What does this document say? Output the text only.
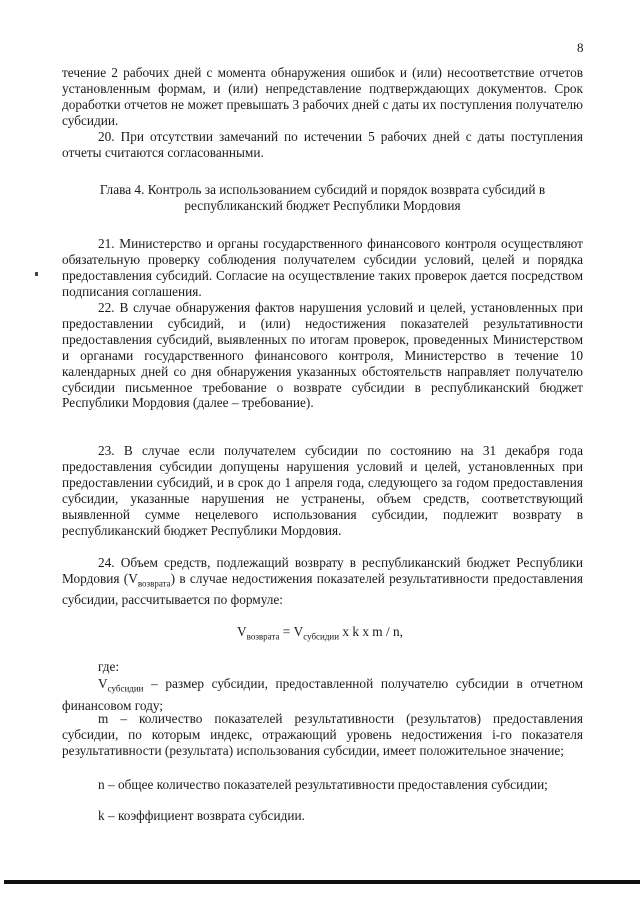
8
течение 2 рабочих дней с момента обнаружения ошибок и (или) несоответствие отчетов установленным формам, и (или) непредставление подтверждающих документов. Срок доработки отчетов не может превышать 3 рабочих дней с даты их поступления получателю субсидии.
20. При отсутствии замечаний по истечении 5 рабочих дней с даты поступления отчеты считаются согласованными.
Глава 4. Контроль за использованием субсидий и порядок возврата субсидий в республиканский бюджет Республики Мордовия
21. Министерство и органы государственного финансового контроля осуществляют обязательную проверку соблюдения получателем субсидии условий, целей и порядка предоставления субсидий. Согласие на осуществление таких проверок дается посредством подписания соглашения.
22. В случае обнаружения фактов нарушения условий и целей, установленных при предоставлении субсидий, и (или) недостижения показателей результативности предоставления субсидий, выявленных по итогам проверок, проведенных Министерством и органами государственного финансового контроля, Министерство в течение 10 календарных дней со дня обнаружения указанных обстоятельств направляет получателю субсидии письменное требование о возврате субсидии в республиканский бюджет Республики Мордовия (далее – требование).
23. В случае если получателем субсидии по состоянию на 31 декабря года предоставления субсидии допущены нарушения условий и целей, установленных при предоставлении субсидий, и в срок до 1 апреля года, следующего за годом предоставления субсидии, указанные нарушения не устранены, объем средств, соответствующий выявленной сумме нецелевого использования субсидии, подлежит возврату в республиканский бюджет Республики Мордовия.
24. Объем средств, подлежащий возврату в республиканский бюджет Республики Мордовия $(V_{возврата})$ в случае недостижения показателей результативности предоставления субсидии, рассчитывается по формуле:
$V_{возврата} = V_{субсидии}$ x k x m / n,
где:
$V_{субсидии}$ – размер субсидии, предоставленной получателю субсидии в отчетном финансовом году;
m – количество показателей результативности (результатов) предоставления субсидии, по которым индекс, отражающий уровень недостижения i-го показателя результативности (результата) использования субсидии, имеет положительное значение;
n – общее количество показателей результативности предоставления субсидии;
k – коэффициент возврата субсидии.
